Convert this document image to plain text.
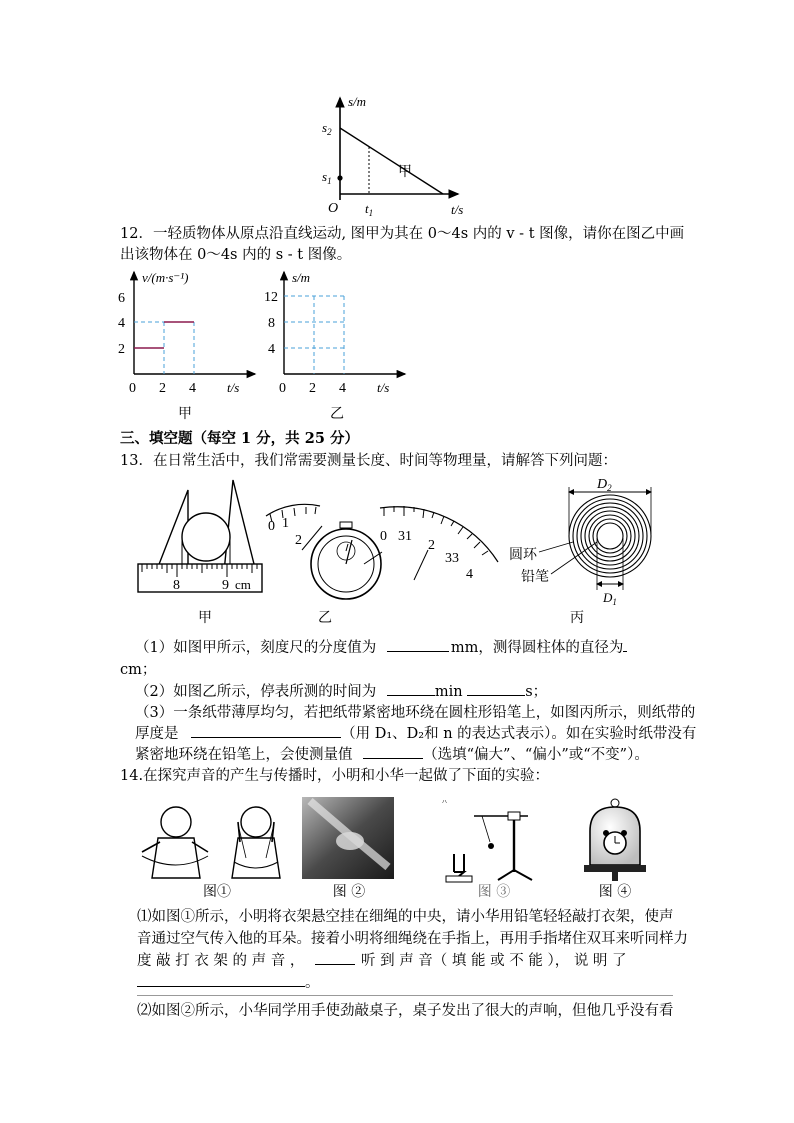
s/m
t/s
O
$s_2$
$s_1$
$t_1$
甲
12．一轻质物体从原点沿直线运动, 图甲为其在 0～4s 内的 v - t 图像，请你在图乙中画
出该物体在 0～4s 内的 s - t 图像。
v/(m·s⁻¹)
6
4
2
0 2 4 t/s
甲
s/m
12
8
4
0 2 4 t/s
乙
三、填空题（每空 1 分，共 25 分）
13．在日常生活中，我们常需要测量长度、时间等物理量，请解答下列问题：
8	9 cm
甲
0 1
2	0 31
2
33
4
乙
$D_2$
$D_1$
圆环
铅笔
丙
（1）如图甲所示，刻度尺的分度值为	mm，测得圆柱体的直径为
cm；
（2）如图乙所示，停表所测的时间为	min	s；
（3）一条纸带薄厚均匀，若把纸带紧密地环绕在圆柱形铅笔上，如图丙所示，则纸带的
厚度是	（用 D₁、D₂和 n 的表达式表示）。如在实验时纸带没有
紧密地环绕在铅笔上，会使测量值	（选填“偏大”、“偏小”或“不变”）。
14.在探究声音的产生与传播时，小明和小华一起做了下面的实验：
图①	图 ②
˄
图 ③	图 ④
⑴如图①所示，小明将衣架悬空挂在细绳的中央，请小华用铅笔轻轻敲打衣架，使声
音通过空气传入他的耳朵。接着小明将细绳绕在手指上，再用手指堵住双耳来听同样力
度 敲 打 衣 架 的 声 音 ，	听 到 声 音（ 填 能 或 不 能 ）， 说 明 了
。
⑵如图②所示，小华同学用手使劲敲桌子，桌子发出了很大的声响，但他几乎没有看
